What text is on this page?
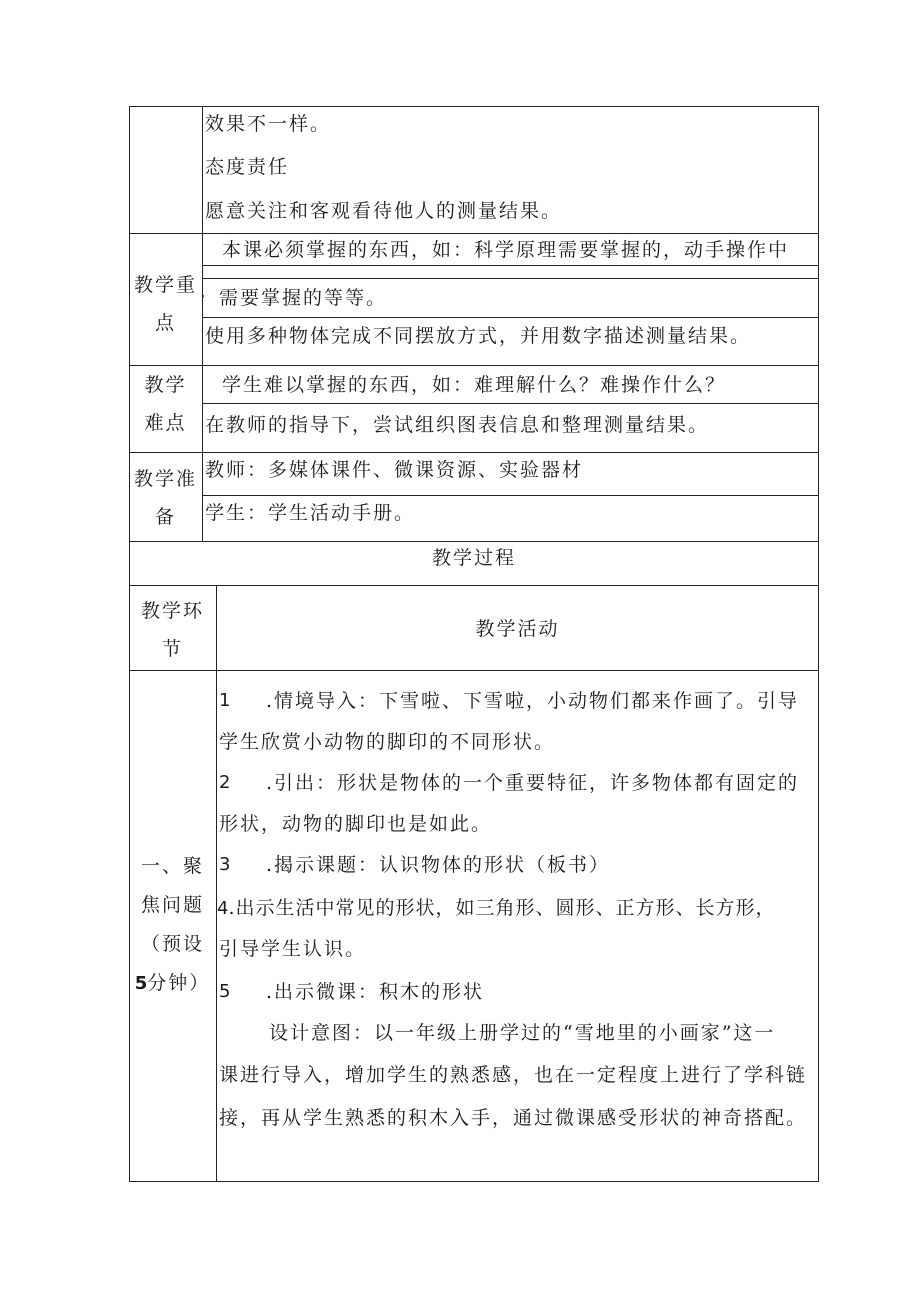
效果不一样。
态度责任
愿意关注和客观看待他人的测量结果。
教学重
点
本课必须掌握的东西，如：科学原理需要掌握的，动手操作中
， 需要掌握的等等。
使用多种物体完成不同摆放方式，并用数字描述测量结果。
教学
难点
学生难以掌握的东西，如：难理解什么？难操作什么？
在教师的指导下，尝试组织图表信息和整理测量结果。
教学准
备
教师：多媒体课件、微课资源、实验器材
学生：学生活动手册。
教学过程
教学环
节
教学活动
一、聚
焦问题
（预设
5分钟）
1 .情境导入：下雪啦、下雪啦，小动物们都来作画了。引导
学生欣赏小动物的脚印的不同形状。
2 .引出：形状是物体的一个重要特征，许多物体都有固定的
形状，动物的脚印也是如此。
3 .揭示课题：认识物体的形状（板书）
4.出示生活中常见的形状，如三角形、圆形、正方形、长方形，
引导学生认识。
5 .出示微课：积木的形状
设计意图：以一年级上册学过的“雪地里的小画家”这一
课进行导入，增加学生的熟悉感，也在一定程度上进行了学科链
接，再从学生熟悉的积木入手，通过微课感受形状的神奇搭配。
